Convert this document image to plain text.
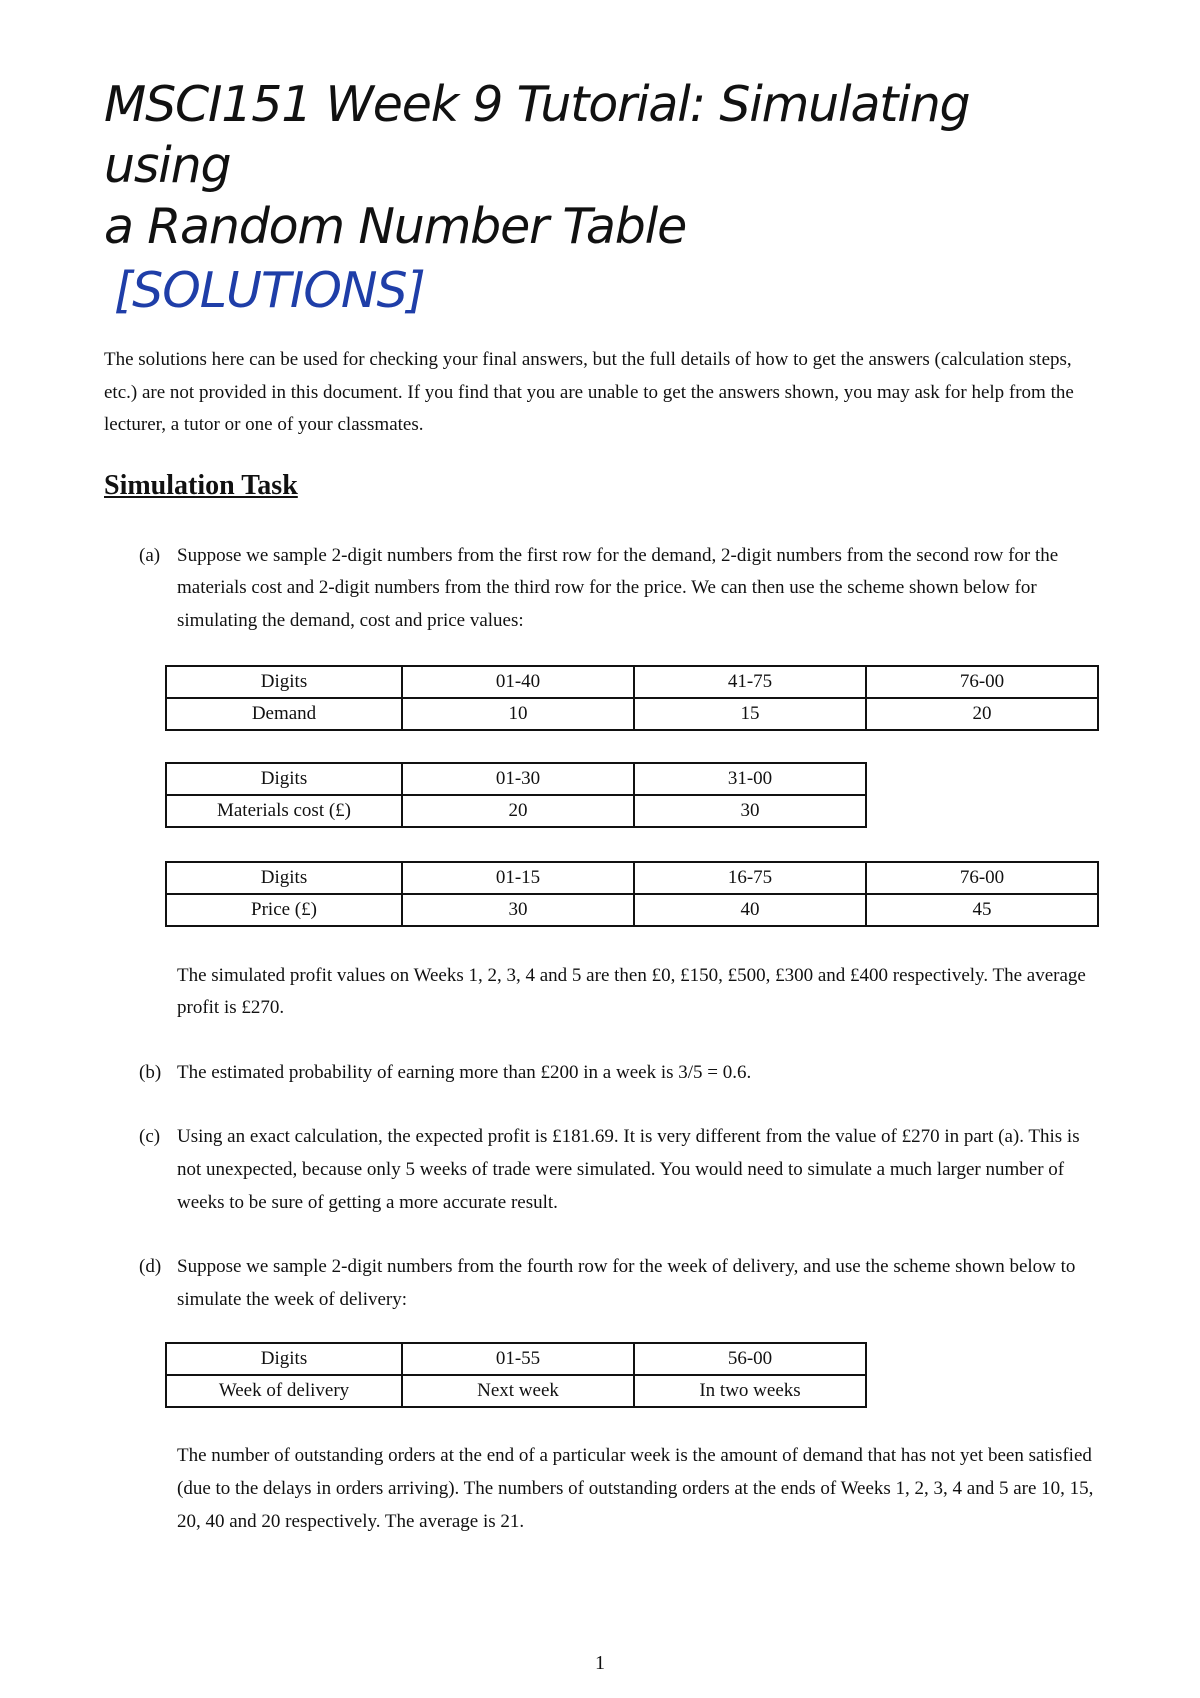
MSCI151 Week 9 Tutorial: Simulating using
a Random Number Table
[SOLUTIONS]

The solutions here can be used for checking your final answers, but the full details of how to get the answers (calculation steps, etc.) are not provided in this document. If you find that you are unable to get the answers shown, you may ask for help from the lecturer, a tutor or one of your classmates.

Simulation Task
(a) Suppose we sample 2-digit numbers from the first row for the demand, 2-digit numbers from the second row for the materials cost and 2-digit numbers from the third row for the price. We can then use the scheme shown below for simulating the demand, cost and price values:

Digits	01-40	41-75	76-00
Demand	10	15	20
Digits	01-30	31-00
Materials cost (£)	20	30
Digits	01-15	16-75	76-00
Price (£)	30	40	45

The simulated profit values on Weeks 1, 2, 3, 4 and 5 are then £0, £150, £500, £300 and £400 respectively. The average profit is £270.

(b) The estimated probability of earning more than £200 in a week is 3/5 = 0.6.

(c) Using an exact calculation, the expected profit is £181.69. It is very different from the value of £270 in part (a). This is not unexpected, because only 5 weeks of trade were simulated. You would need to simulate a much larger number of weeks to be sure of getting a more accurate result.

(d) Suppose we sample 2-digit numbers from the fourth row for the week of delivery, and use the scheme shown below to simulate the week of delivery:

Digits	01-55	56-00
Week of delivery	Next week	In two weeks

The number of outstanding orders at the end of a particular week is the amount of demand that has not yet been satisfied (due to the delays in orders arriving). The numbers of outstanding orders at the ends of Weeks 1, 2, 3, 4 and 5 are 10, 15, 20, 40 and 20 respectively. The average is 21.

1
